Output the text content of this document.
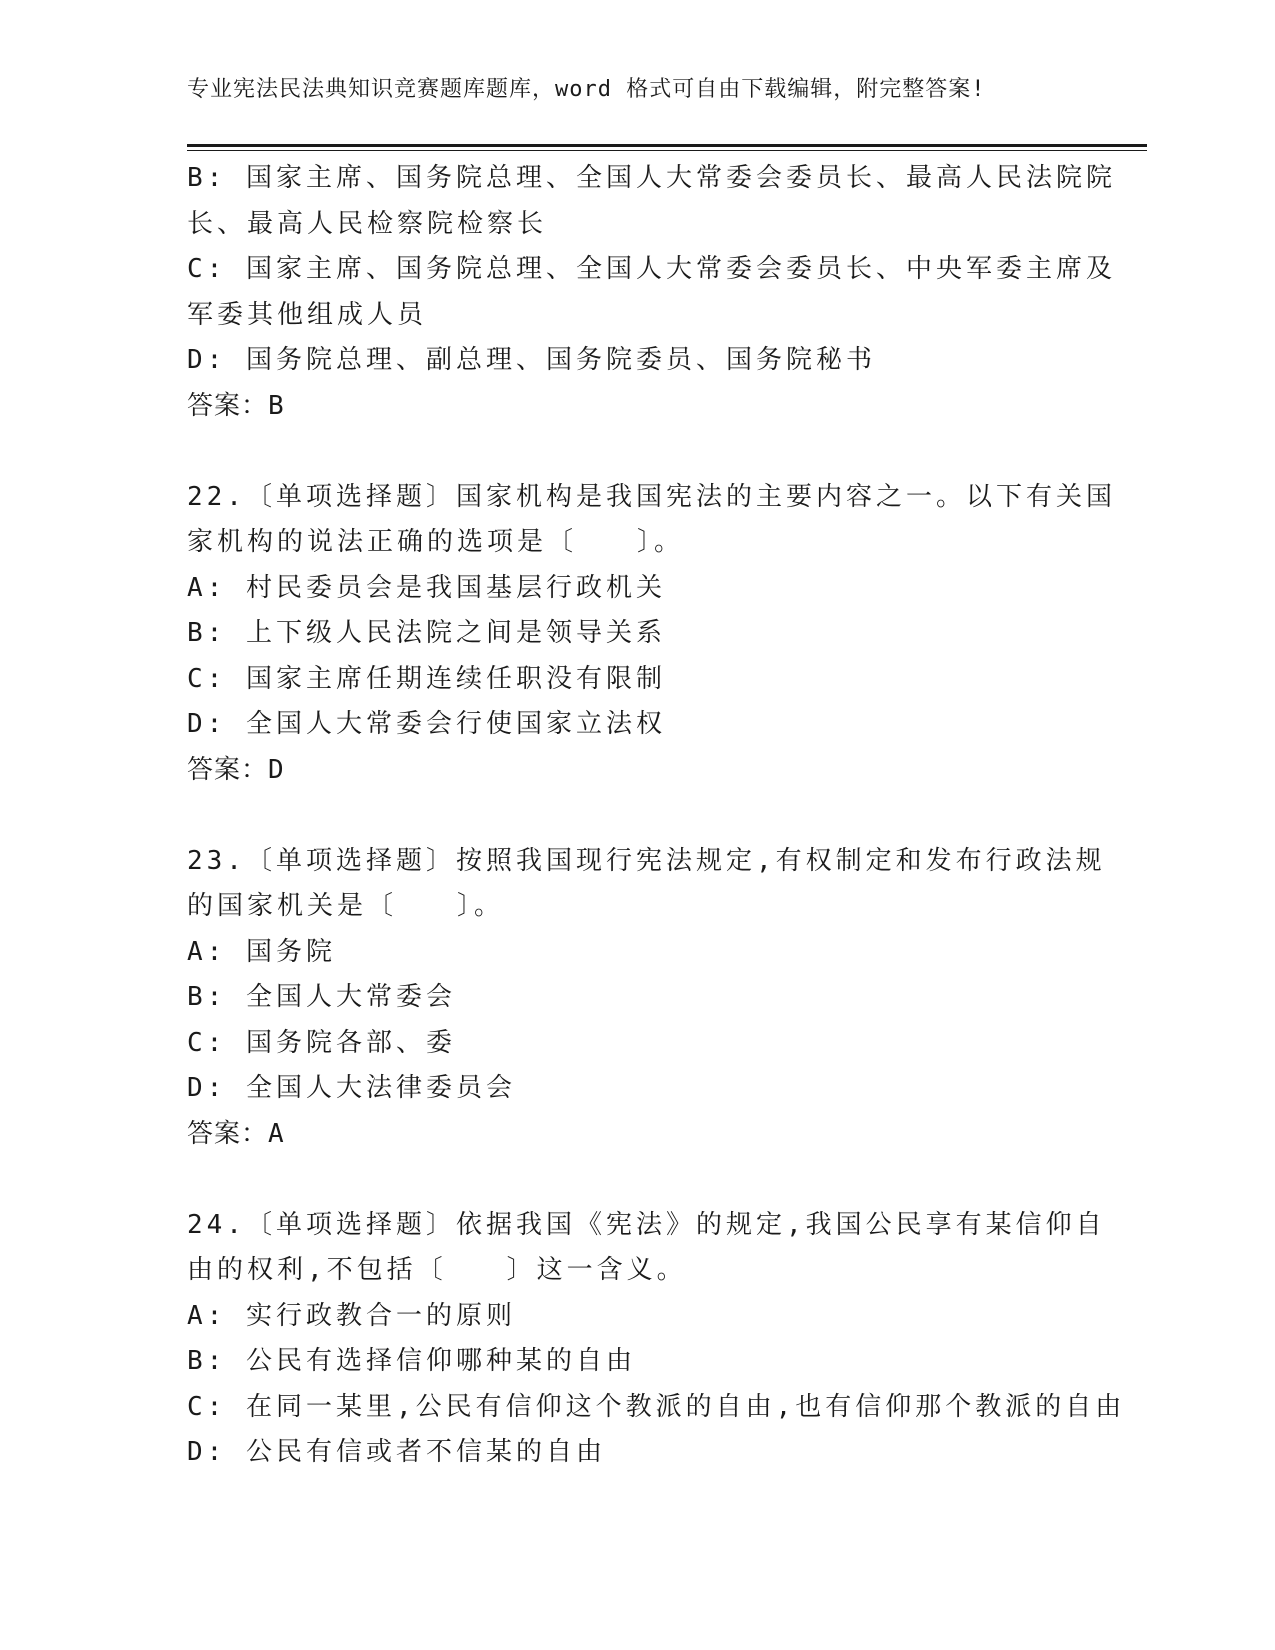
专业宪法民法典知识竞赛题库题库，word 格式可自由下载编辑，附完整答案!
B: 国家主席、国务院总理、全国人大常委会委员长、最高人民法院院
长、最高人民检察院检察长
C: 国家主席、国务院总理、全国人大常委会委员长、中央军委主席及
军委其他组成人员
D: 国务院总理、副总理、国务院委员、国务院秘书
答案：B
22.〔单项选择题〕国家机构是我国宪法的主要内容之一。以下有关国
家机构的说法正确的选项是〔　　〕。
A: 村民委员会是我国基层行政机关
B: 上下级人民法院之间是领导关系
C: 国家主席任期连续任职没有限制
D: 全国人大常委会行使国家立法权
答案：D
23.〔单项选择题〕按照我国现行宪法规定,有权制定和发布行政法规
的国家机关是〔　　〕。
A: 国务院
B: 全国人大常委会
C: 国务院各部、委
D: 全国人大法律委员会
答案：A
24.〔单项选择题〕依据我国《宪法》的规定,我国公民享有某信仰自
由的权利,不包括〔　　〕这一含义。
A: 实行政教合一的原则
B: 公民有选择信仰哪种某的自由
C: 在同一某里,公民有信仰这个教派的自由,也有信仰那个教派的自由
D: 公民有信或者不信某的自由
